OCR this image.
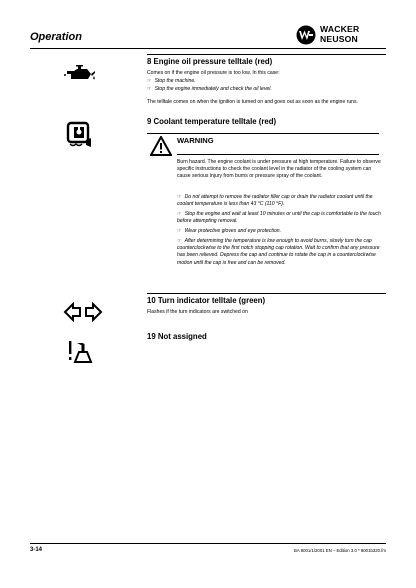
Operation
WACKER
NEUSON
8 Engine oil pressure telltale (red)
Comes on if the engine oil pressure is too low. In this case:
☞ Stop the machine.
☞ Stop the engine immediately and check the oil level.
The telltale comes on when the ignition is turned on and goes out as soon as the engine runs.
9 Coolant temperature telltale (red)
WARNING
Burn hazard. The engine coolant is under pressure at high temperature. Failure to observe specific instructions to check the coolant level in the radiator of the cooling system can cause serious injury from burns or pressure spray of the coolant.
☞ Do not attempt to remove the radiator filler cap or drain the radiator coolant until the coolant temperature is less than 43 °C (110 °F).
☞ Stop the engine and wait at least 10 minutes or until the cap is comfortable to the touch before attempting removal.
☞ Wear protective gloves and eye protection.
☞ After determining the temperature is low enough to avoid burns, slowly turn the cap counterclockwise to the first notch stopping cap rotation. Wait to confirm that any pressure has been relieved. Depress the cap and continue to rotate the cap in a counterclockwise motion until the cap is free and can be removed.
10 Turn indicator telltale (green)
Flashes if the turn indicators are switched on
19 Not assigned
3-14	BA 8001/1/2001 EN – Edition 3.0 * 8001b320.fm
